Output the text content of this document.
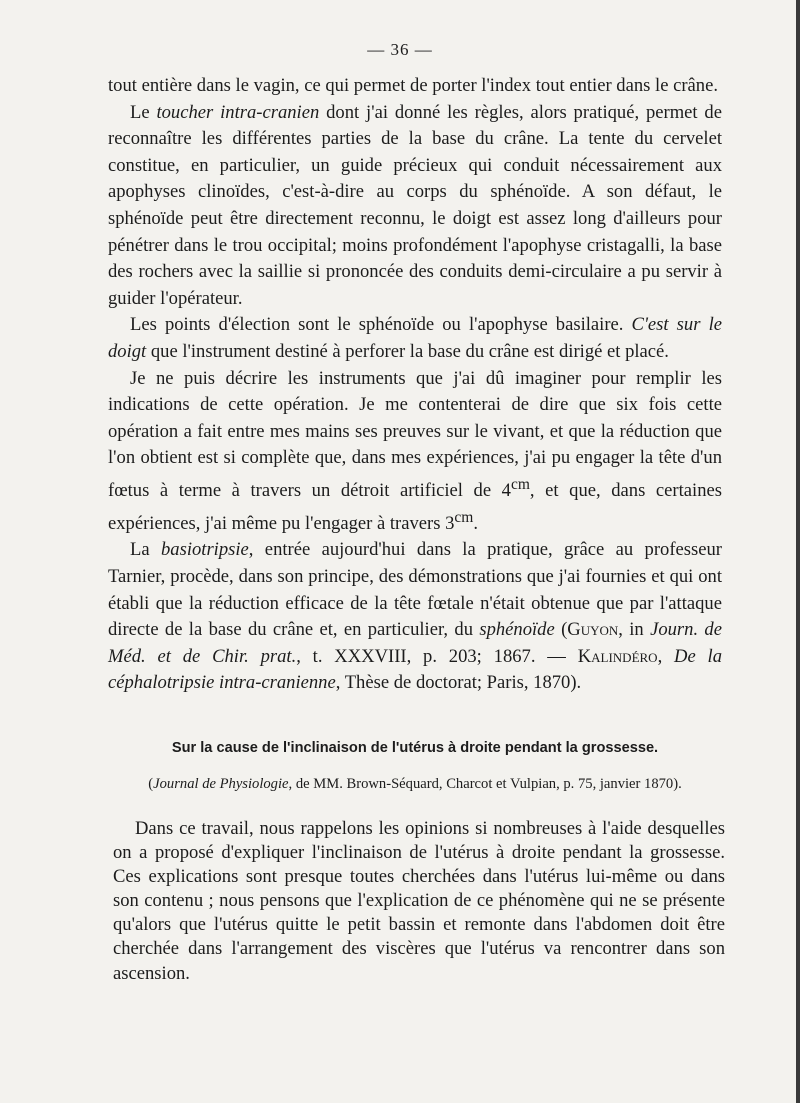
— 36 —

tout entière dans le vagin, ce qui permet de porter l'index tout entier dans le crâne.

Le toucher intra-cranien dont j'ai donné les règles, alors pratiqué, permet de reconnaître les différentes parties de la base du crâne. La tente du cervelet constitue, en particulier, un guide précieux qui conduit nécessairement aux apophyses clinoïdes, c'est-à-dire au corps du sphénoïde. A son défaut, le sphénoïde peut être directement reconnu, le doigt est assez long d'ailleurs pour pénétrer dans le trou occipital; moins profondément l'apophyse cristagalli, la base des rochers avec la saillie si prononcée des conduits demi-circulaire a pu servir à guider l'opérateur.

Les points d'élection sont le sphénoïde ou l'apophyse basilaire. C'est sur le doigt que l'instrument destiné à perforer la base du crâne est dirigé et placé.

Je ne puis décrire les instruments que j'ai dû imaginer pour remplir les indications de cette opération. Je me contenterai de dire que six fois cette opération a fait entre mes mains ses preuves sur le vivant, et que la réduction que l'on obtient est si complète que, dans mes expériences, j'ai pu engager la tête d'un fœtus à terme à travers un détroit artificiel de $4^{cm}$, et que, dans certaines expériences, j'ai même pu l'engager à travers $3^{cm}$.

La basiotripsie, entrée aujourd'hui dans la pratique, grâce au professeur Tarnier, procède, dans son principe, des démonstrations que j'ai fournies et qui ont établi que la réduction efficace de la tête fœtale n'était obtenue que par l'attaque directe de la base du crâne et, en particulier, du sphénoïde (Guyon, in Journ. de Méd. et de Chir. prat., t. XXXVIII, p. 203; 1867. — Kalindéro, De la céphalotripsie intra-cranienne, Thèse de doctorat; Paris, 1870).

Sur la cause de l'inclinaison de l'utérus à droite pendant la grossesse.
(Journal de Physiologie, de MM. Brown-Séquard, Charcot et Vulpian, p. 75, janvier 1870).

Dans ce travail, nous rappelons les opinions si nombreuses à l'aide desquelles on a proposé d'expliquer l'inclinaison de l'utérus à droite pendant la grossesse. Ces explications sont presque toutes cherchées dans l'utérus lui-même ou dans son contenu ; nous pensons que l'explication de ce phénomène qui ne se présente qu'alors que l'utérus quitte le petit bassin et remonte dans l'abdomen doit être cherchée dans l'arrangement des viscères que l'utérus va rencontrer dans son ascension.
